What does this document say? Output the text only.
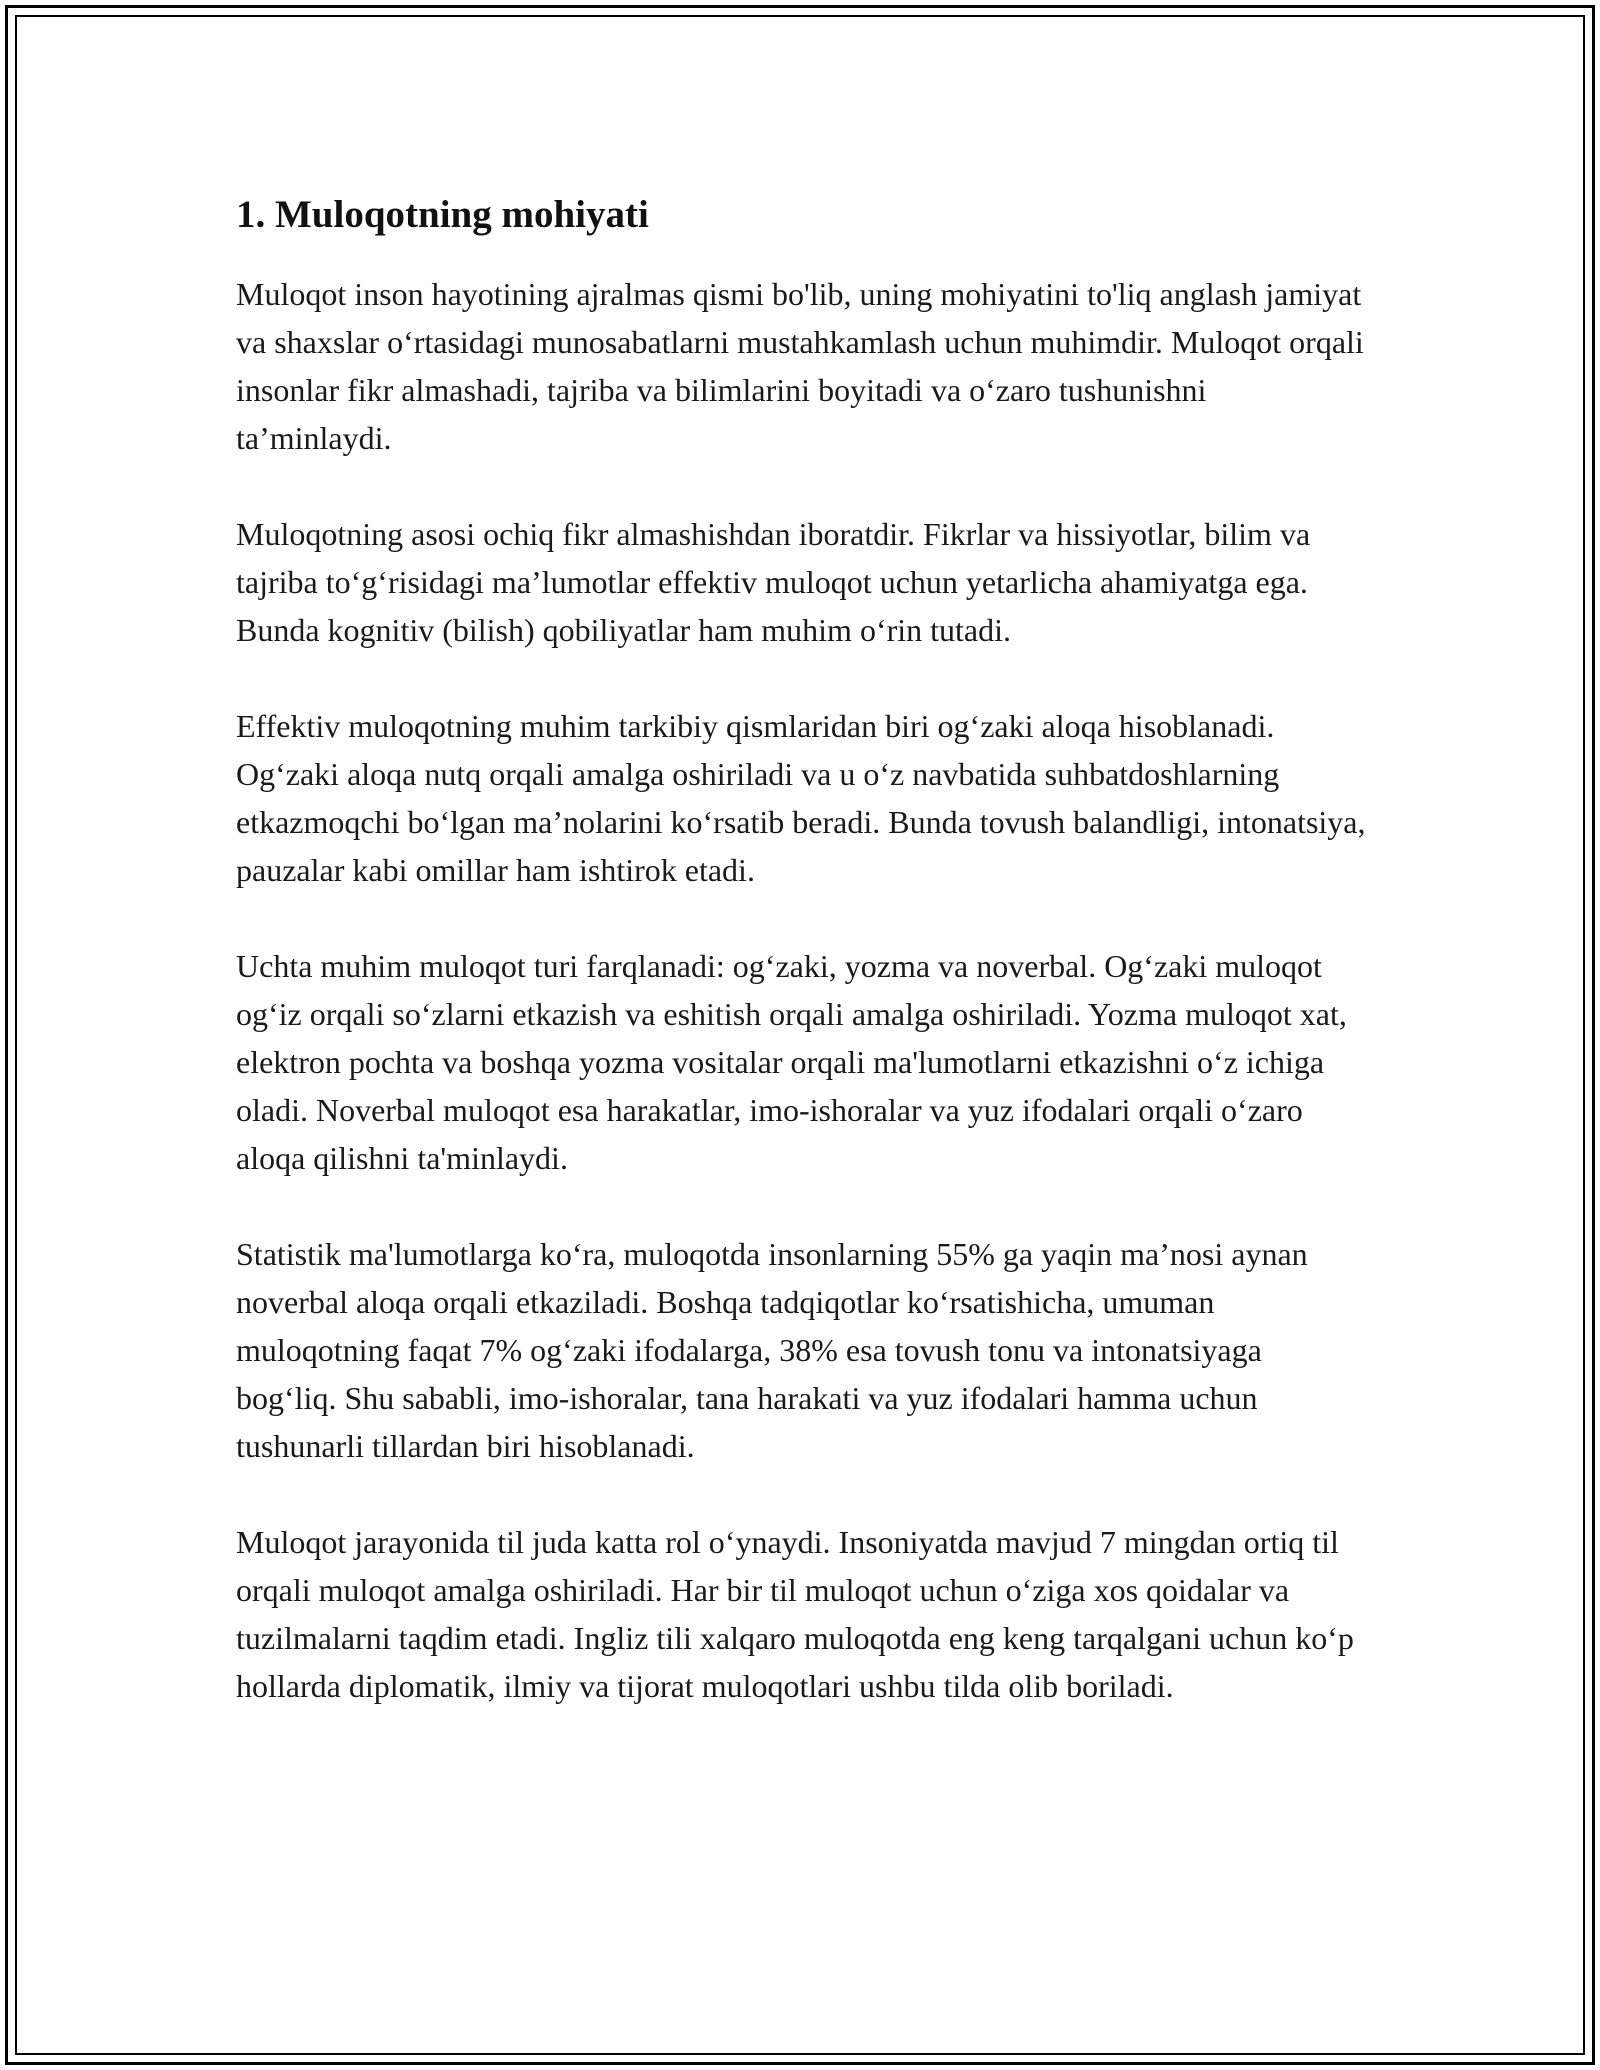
1. Muloqotning mohiyati

Muloqot inson hayotining ajralmas qismi bo'lib, uning mohiyatini to'liq anglash jamiyat va shaxslar o‘rtasidagi munosabatlarni mustahkamlash uchun muhimdir. Muloqot orqali insonlar fikr almashadi, tajriba va bilimlarini boyitadi va o‘zaro tushunishni ta’minlaydi.

Muloqotning asosi ochiq fikr almashishdan iboratdir. Fikrlar va hissiyotlar, bilim va tajriba to‘g‘risidagi ma’lumotlar effektiv muloqot uchun yetarlicha ahamiyatga ega. Bunda kognitiv (bilish) qobiliyatlar ham muhim o‘rin tutadi.

Effektiv muloqotning muhim tarkibiy qismlaridan biri og‘zaki aloqa hisoblanadi. Og‘zaki aloqa nutq orqali amalga oshiriladi va u o‘z navbatida suhbatdoshlarning etkazmoqchi bo‘lgan ma’nolarini ko‘rsatib beradi. Bunda tovush balandligi, intonatsiya, pauzalar kabi omillar ham ishtirok etadi.

Uchta muhim muloqot turi farqlanadi: og‘zaki, yozma va noverbal. Og‘zaki muloqot og‘iz orqali so‘zlarni etkazish va eshitish orqali amalga oshiriladi. Yozma muloqot xat, elektron pochta va boshqa yozma vositalar orqali ma'lumotlarni etkazishni o‘z ichiga oladi. Noverbal muloqot esa harakatlar, imo-ishoralar va yuz ifodalari orqali o‘zaro aloqa qilishni ta'minlaydi.

Statistik ma'lumotlarga ko‘ra, muloqotda insonlarning 55% ga yaqin ma’nosi aynan noverbal aloqa orqali etkaziladi. Boshqa tadqiqotlar ko‘rsatishicha, umuman muloqotning faqat 7% og‘zaki ifodalarga, 38% esa tovush tonu va intonatsiyaga bog‘liq. Shu sababli, imo-ishoralar, tana harakati va yuz ifodalari hamma uchun tushunarli tillardan biri hisoblanadi.

Muloqot jarayonida til juda katta rol o‘ynaydi. Insoniyatda mavjud 7 mingdan ortiq til orqali muloqot amalga oshiriladi. Har bir til muloqot uchun o‘ziga xos qoidalar va tuzilmalarni taqdim etadi. Ingliz tili xalqaro muloqotda eng keng tarqalgani uchun ko‘p hollarda diplomatik, ilmiy va tijorat muloqotlari ushbu tilda olib boriladi.
